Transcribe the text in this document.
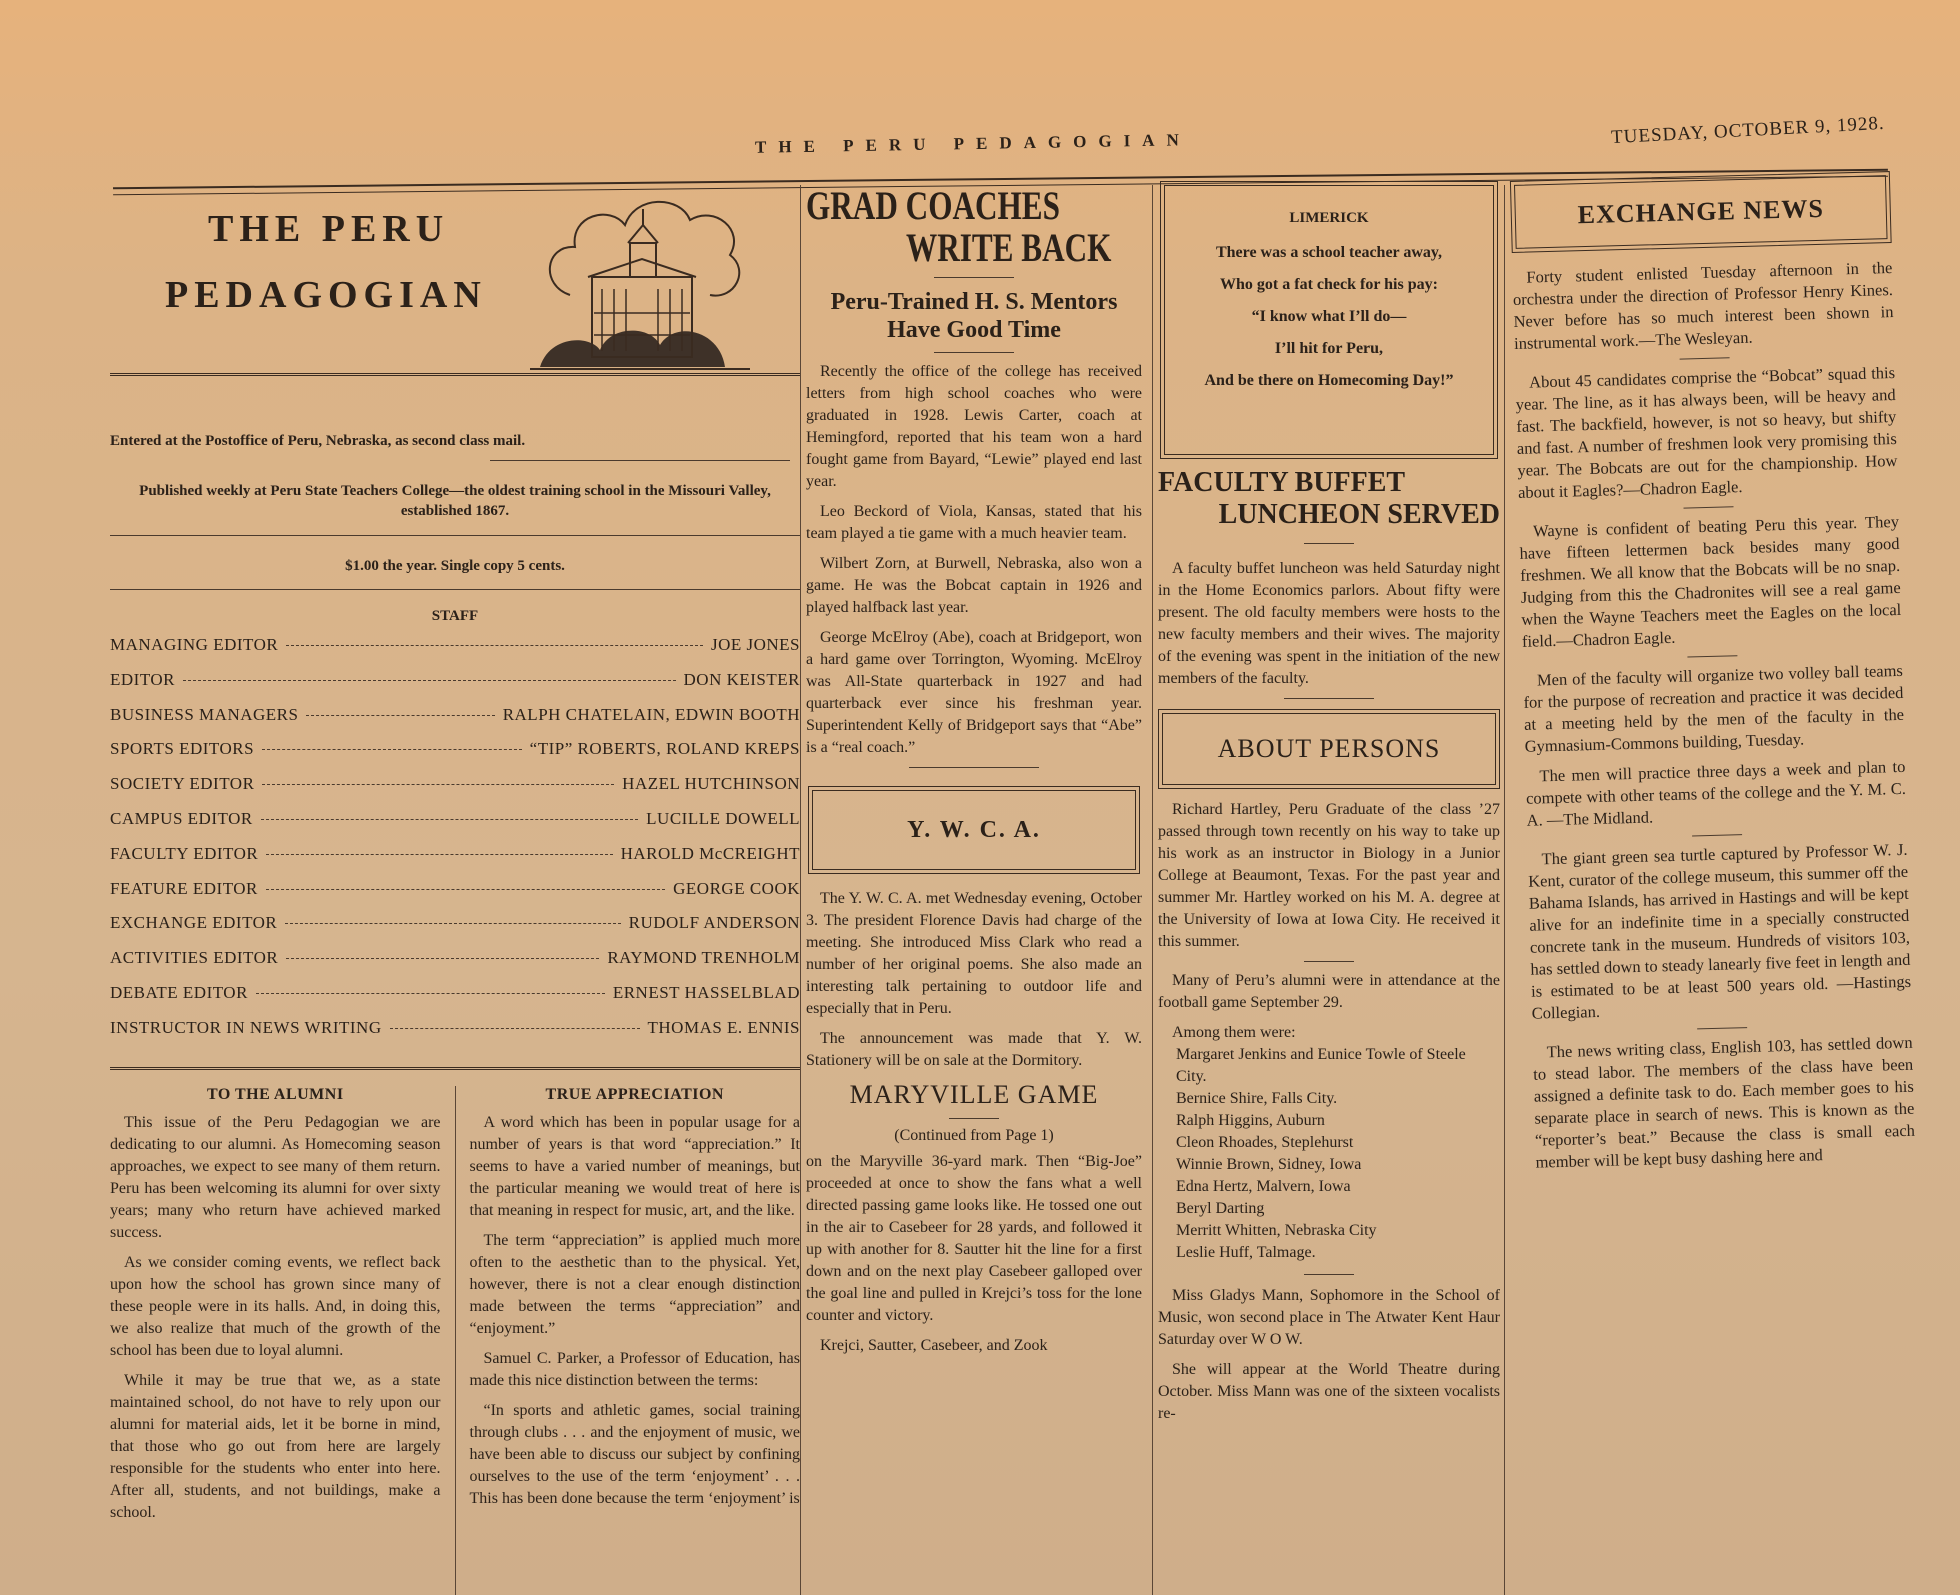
THE PERU PEDAGOGIAN	TUESDAY, OCTOBER 9, 1928.
THE PERU
PEDAGOGIAN

Entered at the Postoffice of Peru, Nebraska, as second class mail.

Published weekly at Peru State Teachers College—the oldest training school in the Missouri Valley, established 1867.

$1.00 the year. Single copy 5 cents.

STAFF
MANAGING EDITOR	JOE JONES
EDITOR	DON KEISTER
BUSINESS MANAGERS	RALPH CHATELAIN, EDWIN BOOTH
SPORTS EDITORS	“TIP” ROBERTS, ROLAND KREPS
SOCIETY EDITOR	HAZEL HUTCHINSON
CAMPUS EDITOR	LUCILLE DOWELL
FACULTY EDITOR	HAROLD McCREIGHT
FEATURE EDITOR	GEORGE COOK
EXCHANGE EDITOR	RUDOLF ANDERSON
ACTIVITIES EDITOR	RAYMOND TRENHOLM
DEBATE EDITOR	ERNEST HASSELBLAD
INSTRUCTOR IN NEWS WRITING	THOMAS E. ENNIS
TO THE ALUMNI

This issue of the Peru Pedagogian we are dedicating to our alumni. As Homecoming season approaches, we expect to see many of them return. Peru has been welcoming its alumni for over sixty years; many who return have achieved marked success.

As we consider coming events, we reflect back upon how the school has grown since many of these people were in its halls. And, in doing this, we also realize that much of the growth of the school has been due to loyal alumni.

While it may be true that we, as a state maintained school, do not have to rely upon our alumni for material aids, let it be borne in mind, that those who go out from here are largely responsible for the students who enter into here. After all, students, and not buildings, make a school.

TRUE APPRECIATION

A word which has been in popular usage for a number of years is that word “appreciation.” It seems to have a varied number of meanings, but the particular meaning we would treat of here is that meaning in respect for music, art, and the like.

The term “appreciation” is applied much more often to the aesthetic than to the physical. Yet, however, there is not a clear enough distinction made between the terms “appreciation” and “enjoyment.”

Samuel C. Parker, a Professor of Education, has made this nice distinction between the terms:

“In sports and athletic games, social training through clubs . . . and the enjoyment of music, we have been able to discuss our subject by confining ourselves to the use of the term ‘enjoyment’ . . . This has been done because the term ‘enjoyment’ is

GRAD COACHES
WRITE BACK
Peru-Trained H. S. Mentors Have Good Time

Recently the office of the college has received letters from high school coaches who were graduated in 1928. Lewis Carter, coach at Hemingford, reported that his team won a hard fought game from Bayard, “Lewie” played end last year.

Leo Beckord of Viola, Kansas, stated that his team played a tie game with a much heavier team.

Wilbert Zorn, at Burwell, Nebraska, also won a game. He was the Bobcat captain in 1926 and played halfback last year.

George McElroy (Abe), coach at Bridgeport, won a hard game over Torrington, Wyoming. McElroy was All-State quarterback in 1927 and had quarterback ever since his freshman year. Superintendent Kelly of Bridgeport says that “Abe” is a “real coach.”

Y. W. C. A.

The Y. W. C. A. met Wednesday evening, October 3. The president Florence Davis had charge of the meeting. She introduced Miss Clark who read a number of her original poems. She also made an interesting talk pertaining to outdoor life and especially that in Peru.

The announcement was made that Y. W. Stationery will be on sale at the Dormitory.

MARYVILLE GAME
(Continued from Page 1)

on the Maryville 36-yard mark. Then “Big-Joe” proceeded at once to show the fans what a well directed passing game looks like. He tossed one out in the air to Casebeer for 28 yards, and followed it up with another for 8. Sautter hit the line for a first down and on the next play Casebeer galloped over the goal line and pulled in Krejci’s toss for the lone counter and victory.

Krejci, Sautter, Casebeer, and Zook

LIMERICK
There was a school teacher away,
Who got a fat check for his pay:
“I know what I’ll do—
I’ll hit for Peru,
And be there on Homecoming Day!”
FACULTY BUFFET
LUNCHEON SERVED

A faculty buffet luncheon was held Saturday night in the Home Economics parlors. About fifty were present. The old faculty members were hosts to the new faculty members and their wives. The majority of the evening was spent in the initiation of the new members of the faculty.

ABOUT PERSONS

Richard Hartley, Peru Graduate of the class ’27 passed through town recently on his way to take up his work as an instructor in Biology in a Junior College at Beaumont, Texas. For the past year and summer Mr. Hartley worked on his M. A. degree at the University of Iowa at Iowa City. He received it this summer.

Many of Peru’s alumni were in attendance at the football game September 29.

Among them were:

Margaret Jenkins and Eunice Towle of Steele City.
Bernice Shire, Falls City.
Ralph Higgins, Auburn
Cleon Rhoades, Steplehurst
Winnie Brown, Sidney, Iowa
Edna Hertz, Malvern, Iowa
Beryl Darting
Merritt Whitten, Nebraska City
Leslie Huff, Talmage.

Miss Gladys Mann, Sophomore in the School of Music, won second place in The Atwater Kent Haur Saturday over W O W.

She will appear at the World Theatre during October. Miss Mann was one of the sixteen vocalists re-

EXCHANGE NEWS

Forty student enlisted Tuesday afternoon in the orchestra under the direction of Professor Henry Kines. Never before has so much interest been shown in instrumental work.—The Wesleyan.

About 45 candidates comprise the “Bobcat” squad this year. The line, as it has always been, will be heavy and fast. The backfield, however, is not so heavy, but shifty and fast. A number of freshmen look very promising this year. The Bobcats are out for the championship. How about it Eagles?—Chadron Eagle.

Wayne is confident of beating Peru this year. They have fifteen lettermen back besides many good freshmen. We all know that the Bobcats will be no snap. Judging from this the Chadronites will see a real game when the Wayne Teachers meet the Eagles on the local field.—Chadron Eagle.

Men of the faculty will organize two volley ball teams for the purpose of recreation and practice it was decided at a meeting held by the men of the faculty in the Gymnasium-Commons building, Tuesday.

The men will practice three days a week and plan to compete with other teams of the college and the Y. M. C. A. —The Midland.

The giant green sea turtle captured by Professor W. J. Kent, curator of the college museum, this summer off the Bahama Islands, has arrived in Hastings and will be kept alive for an indefinite time in a specially constructed concrete tank in the museum. Hundreds of visitors 103, has settled down to steady lanearly five feet in length and is estimated to be at least 500 years old. —Hastings Collegian.

The news writing class, English 103, has settled down to stead labor. The members of the class have been assigned a definite task to do. Each member goes to his separate place in search of news. This is known as the “reporter’s beat.” Because the class is small each member will be kept busy dashing here and
